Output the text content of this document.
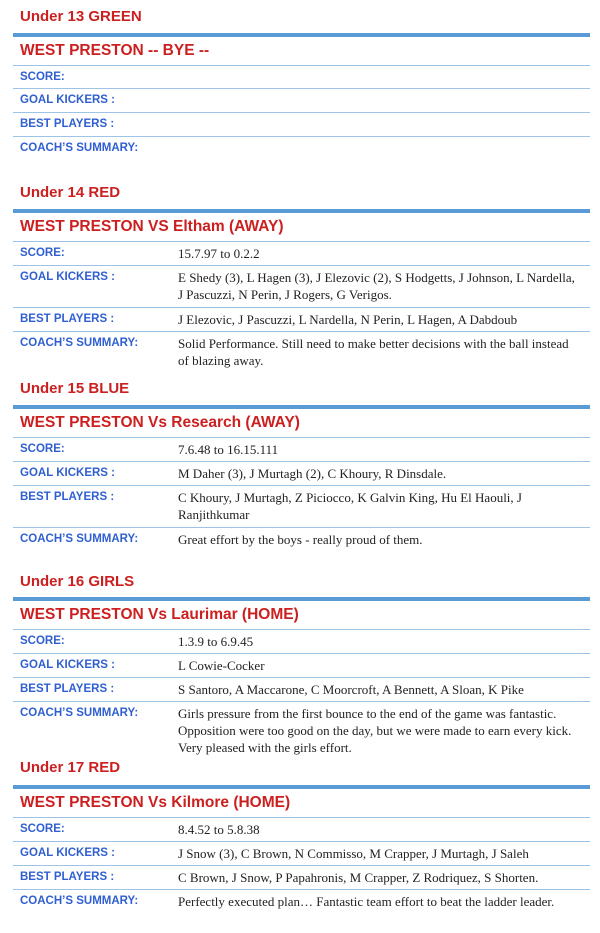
Under 13 GREEN
WEST PRESTON -- BYE --
SCORE:
GOAL KICKERS :
BEST PLAYERS :
COACH’S SUMMARY:
Under 14 RED
WEST PRESTON VS Eltham (AWAY)
SCORE:	15.7.97 to 0.2.2
GOAL KICKERS :	E Shedy (3), L Hagen (3), J Elezovic (2), S Hodgetts, J Johnson, L Nardella, J Pascuzzi, N Perin, J Rogers, G Verigos.
BEST PLAYERS :	J Elezovic, J Pascuzzi, L Nardella, N Perin, L Hagen, A Dabdoub
COACH’S SUMMARY:	Solid Performance. Still need to make better decisions with the ball instead of blazing away.
Under 15 BLUE
WEST PRESTON Vs Research (AWAY)
SCORE:	7.6.48 to 16.15.111
GOAL KICKERS :	M Daher (3), J Murtagh (2), C Khoury, R Dinsdale.
BEST PLAYERS :	C Khoury, J Murtagh, Z Piciocco, K Galvin King, Hu El Haouli, J Ranjithkumar
COACH’S SUMMARY:	Great effort by the boys - really proud of them.
Under 16 GIRLS
WEST PRESTON Vs Laurimar (HOME)
SCORE:	1.3.9 to 6.9.45
GOAL KICKERS :	L Cowie-Cocker
BEST PLAYERS :	S Santoro, A Maccarone, C Moorcroft, A Bennett, A Sloan, K Pike
COACH’S SUMMARY:	Girls pressure from the first bounce to the end of the game was fantastic. Opposition were too good on the day, but we were made to earn every kick. Very pleased with the girls effort.
Under 17 RED
WEST PRESTON Vs Kilmore (HOME)
SCORE:	8.4.52 to 5.8.38
GOAL KICKERS :	J Snow (3), C Brown, N Commisso, M Crapper, J Murtagh, J Saleh
BEST PLAYERS :	C Brown, J Snow, P Papahronis, M Crapper, Z Rodriquez, S Shorten.
COACH’S SUMMARY:	Perfectly executed plan… Fantastic team effort to beat the ladder leader.
